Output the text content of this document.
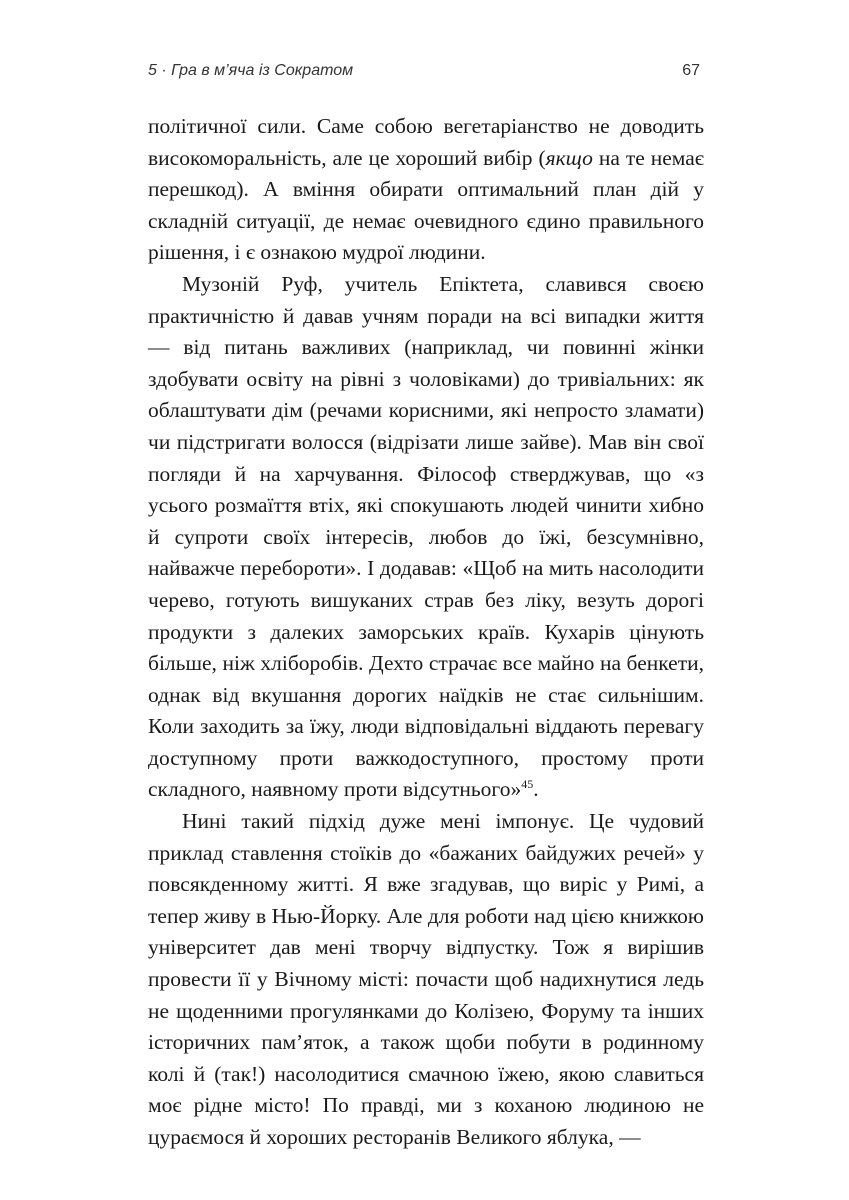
5 · Гра в м’яча із Сократом	67

політичної сили. Саме собою вегетаріанство не доводить високоморальність, але це хороший вибір (якщо на те немає перешкод). А вміння обирати оптимальний план дій у складній ситуації, де немає очевидного єдино правильного рішення, і є ознакою мудрої людини.

Музоній Руф, учитель Епіктета, славився своєю практичністю й давав учням поради на всі випадки життя — від питань важливих (наприклад, чи повинні жінки здобувати освіту на рівні з чоловіками) до тривіальних: як облаштувати дім (речами корисними, які непросто зламати) чи підстригати волосся (відрізати лише зайве). Мав він свої погляди й на харчування. Філософ стверджував, що «з усього розмаїття втіх, які спокушають людей чинити хибно й супроти своїх інтересів, любов до їжі, безсумнівно, найважче перебороти». І додавав: «Щоб на мить насолодити черево, готують вишуканих страв без ліку, везуть дорогі продукти з далеких заморських країв. Кухарів цінують більше, ніж хліборобів. Дехто страчає все майно на бенкети, однак від вкушання дорогих наїдків не стає сильнішим. Коли заходить за їжу, люди відповідальні віддають перевагу доступному проти важкодоступного, простому проти складного, наявному проти відсутнього»$^{45}$.

Нині такий підхід дуже мені імпонує. Це чудовий приклад ставлення стоїків до «бажаних байдужих речей» у повсякденному житті. Я вже згадував, що виріс у Римі, а тепер живу в Нью-Йорку. Але для роботи над цією книжкою університет дав мені творчу відпустку. Тож я вирішив провести її у Вічному місті: почасти щоб надихнутися ледь не щоденними прогулянками до Колізею, Форуму та інших історичних пам’яток, а також щоби побути в родинному колі й (так!) насолодитися смачною їжею, якою славиться моє рідне місто! По правді, ми з коханою людиною не цураємося й хороших ресторанів Великого яблука, —
